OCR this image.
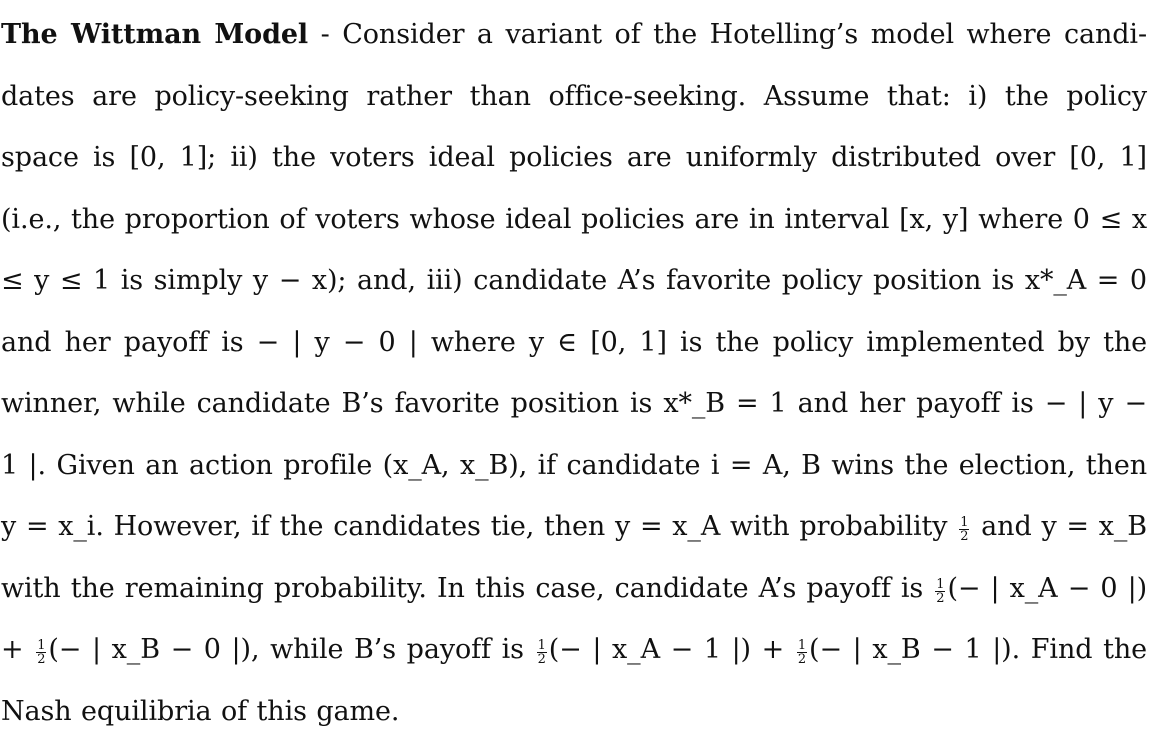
The Wittman Model - Consider a variant of the Hotelling’s model where candi-dates are policy-seeking rather than office-seeking. Assume that: i) the policy space is [0, 1]; ii) the voters ideal policies are uniformly distributed over [0, 1] (i.e., the proportion of voters whose ideal policies are in interval [x, y] where 0 ≤ x ≤ y ≤ 1 is simply y − x); and, iii) candidate A’s favorite policy position is x*_A = 0 and her payoff is − | y − 0 | where y ∈ [0, 1] is the policy implemented by the winner, while candidate B’s favorite position is x*_B = 1 and her payoff is − | y − 1 |. Given an action profile (x_A, x_B), if candidate i = A, B wins the election, then y = x_i. However, if the candidates tie, then y = x_A with probability $\frac{1}{2}$ and y = x_B with the remaining probability. In this case, candidate A’s payoff is $\frac{1}{2}$ (− | x_A − 0 |) + $\frac{1}{2}$ (− | x_B − 0 |), while B’s payoff is $\frac{1}{2}$ (− | x_A − 1 |) + $\frac{1}{2}$ (− | x_B − 1 |). Find the Nash equilibria of this game.
